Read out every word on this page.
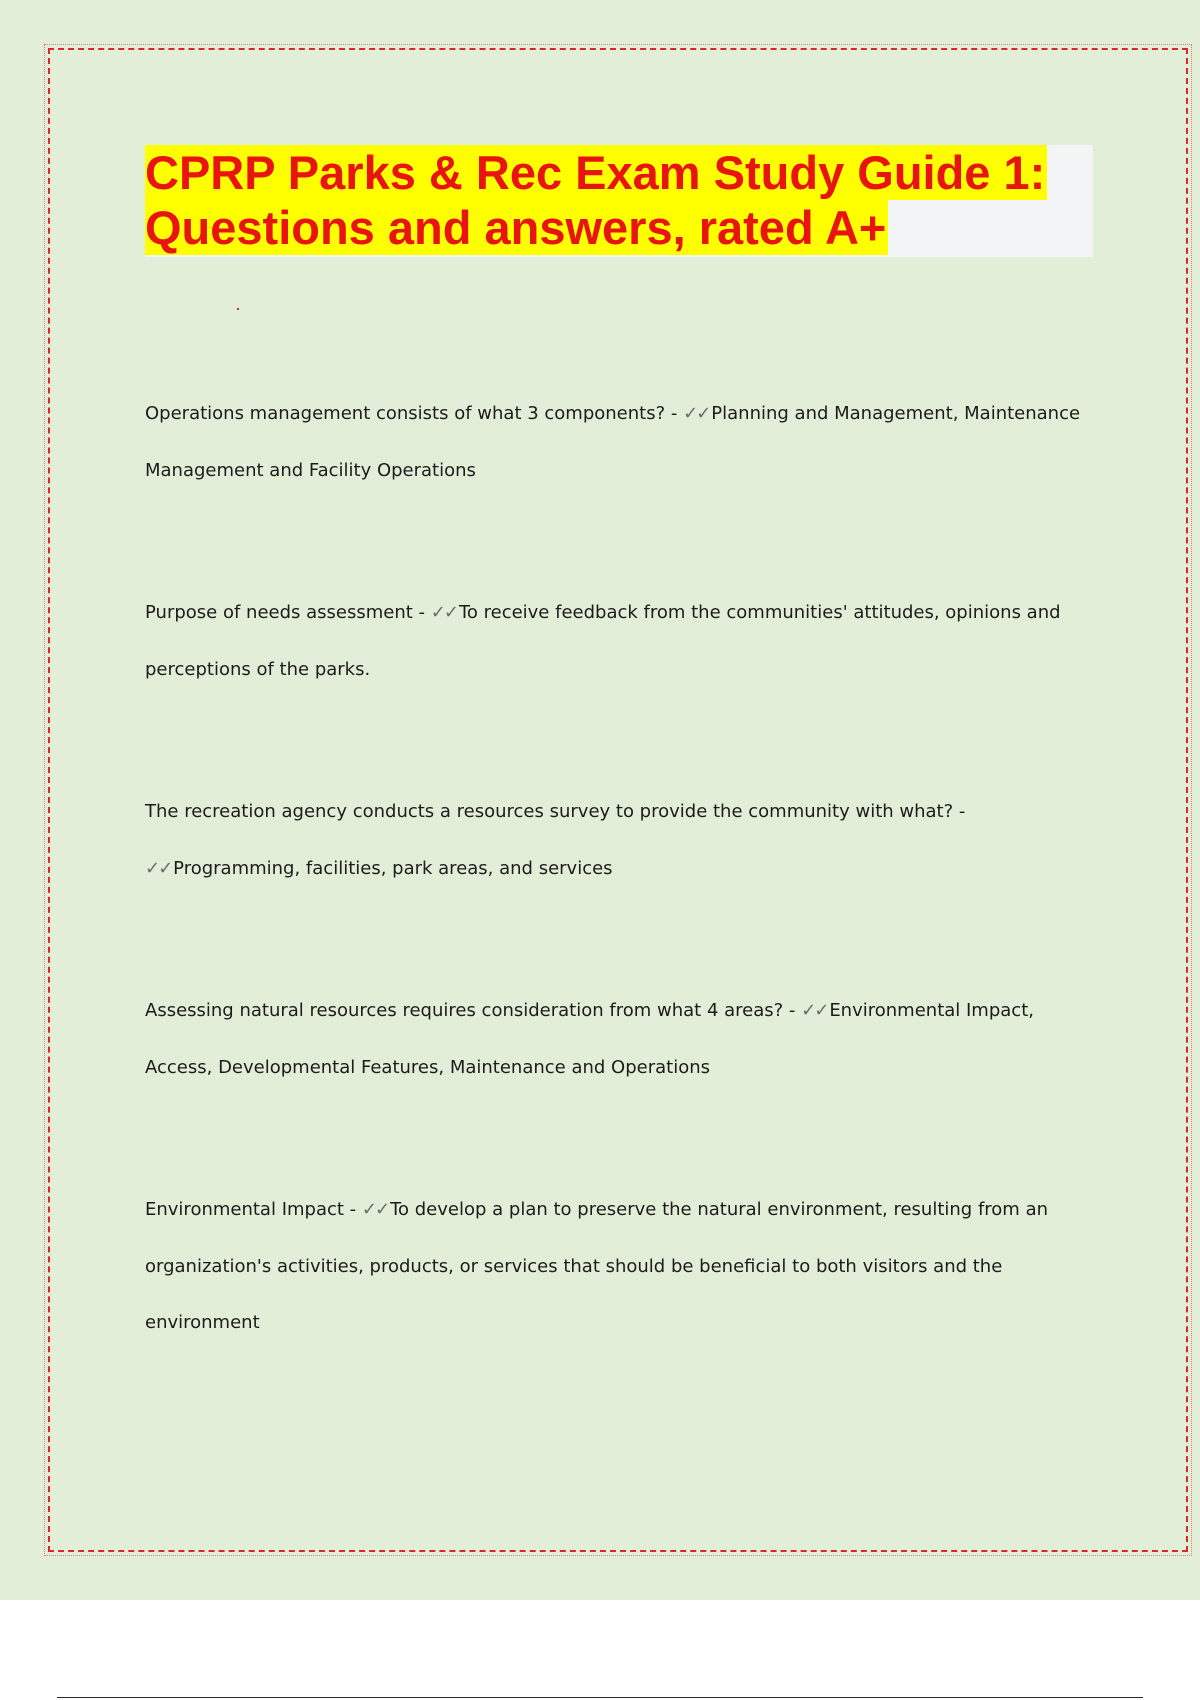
CPRP Parks & Rec Exam Study Guide 1:
Questions and answers, rated A+

Operations management consists of what 3 components? - ✓✓ Planning and Management, Maintenance Management and Facility Operations

Purpose of needs assessment - ✓✓ To receive feedback from the communities' attitudes, opinions and perceptions of the parks.

The recreation agency conducts a resources survey to provide the community with what? - ✓✓ Programming, facilities, park areas, and services

Assessing natural resources requires consideration from what 4 areas? - ✓✓ Environmental Impact, Access, Developmental Features, Maintenance and Operations

Environmental Impact - ✓✓ To develop a plan to preserve the natural environment, resulting from an organization's activities, products, or services that should be beneficial to both visitors and the environment
